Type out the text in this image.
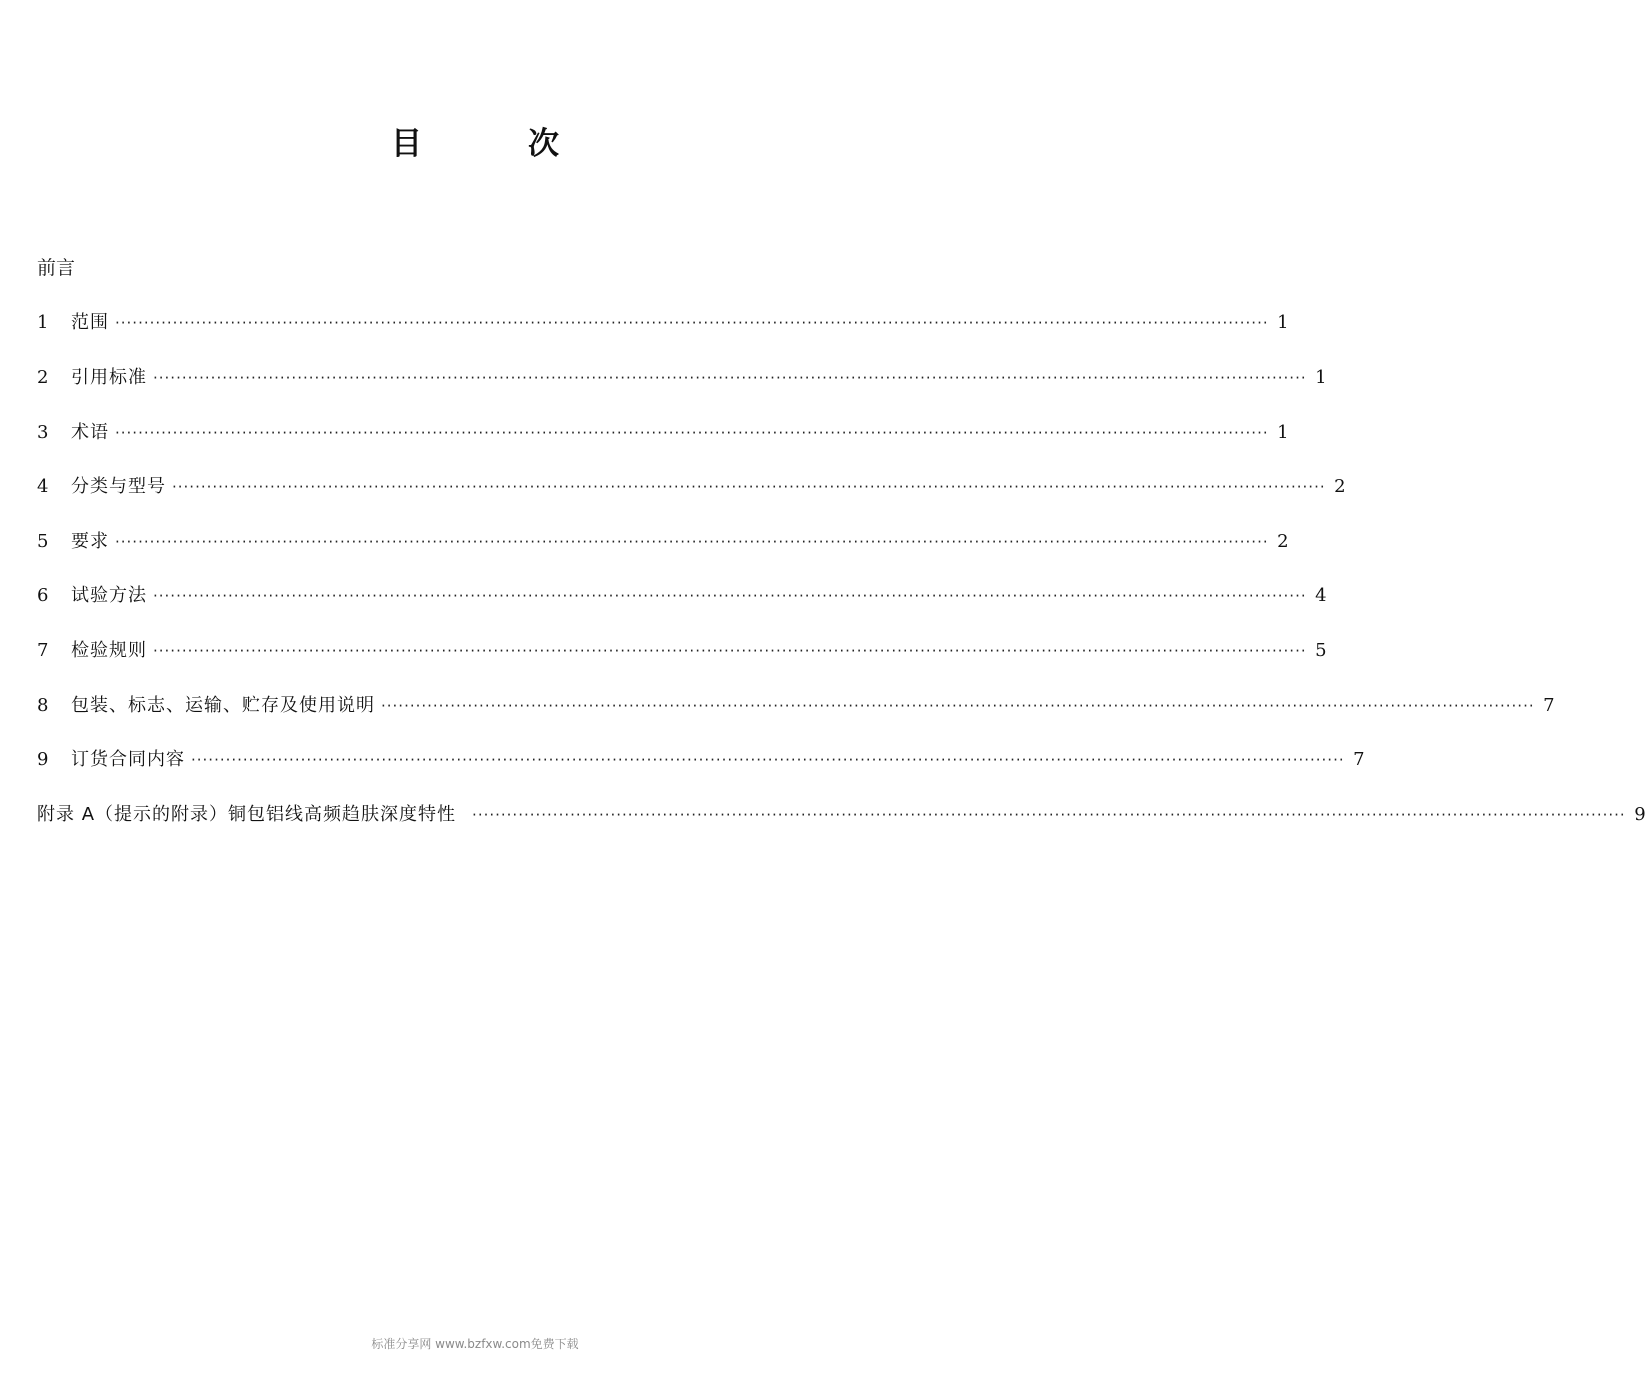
目	次
前言
1	范围 ········································································································································································································ 1
2	引用标准 ········································································································································································································ 1
3	术语 ········································································································································································································ 1
4	分类与型号 ········································································································································································································ 2
5	要求 ········································································································································································································ 2
6	试验方法 ········································································································································································································ 4
7	检验规则 ········································································································································································································ 5
8	包装、标志、运输、贮存及使用说明 ········································································································································································································ 7
9	订货合同内容 ········································································································································································································ 7
附录 A（提示的附录）铜包铝线高频趋肤深度特性 ········································································································································································································ 9
标准分享网 www.bzfxw.com免费下载
